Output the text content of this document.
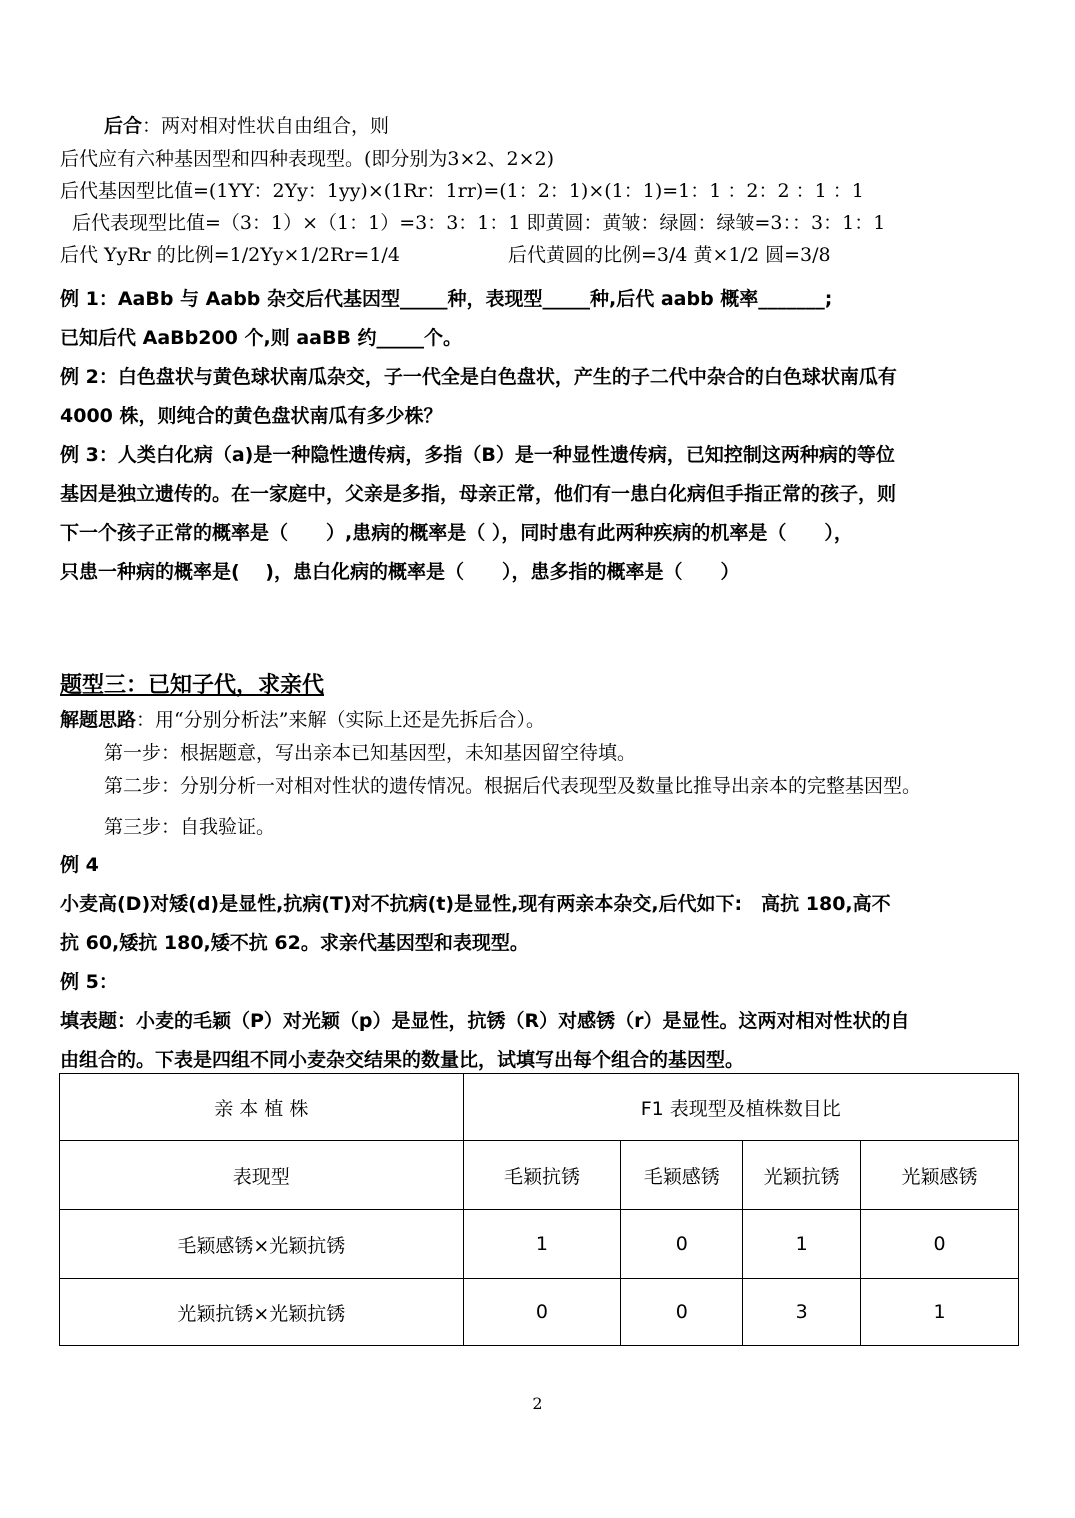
后合：两对相对性状自由组合，则
后代应有六种基因型和四种表现型。(即分别为3×2、2×2)
后代基因型比值=(1YY：2Yy：1yy)×(1Rr：1rr)=(1：2：1)×(1：1)=1：1 ：2：2 ：1 ：1
后代表现型比值=（3：1）×（1：1）=3：3：1：1 即黄圆：黄皱：绿圆：绿皱=3：：3：1：1
后代 YyRr 的比例=1/2Yy×1/2Rr=1/4	后代黄圆的比例=3/4 黄×1/2 圆=3/8
例 1：AaBb 与 Aabb 杂交后代基因型_____种，表现型_____种,后代 aabb 概率_______;
已知后代 AaBb200 个,则 aaBB 约_____个。
例 2：白色盘状与黄色球状南瓜杂交，子一代全是白色盘状，产生的子二代中杂合的白色球状南瓜有
4000 株，则纯合的黄色盘状南瓜有多少株？
例 3：人类白化病（a)是一种隐性遗传病，多指（B）是一种显性遗传病，已知控制这两种病的等位
基因是独立遗传的。在一家庭中，父亲是多指，母亲正常，他们有一患白化病但手指正常的孩子，则
下一个孩子正常的概率是（　　）,患病的概率是（ ），同时患有此两种疾病的机率是（　　），
只患一种病的概率是(　 )，患白化病的概率是（　　），患多指的概率是（　　）
题型三：已知子代，求亲代
解题思路：用“分别分析法”来解（实际上还是先拆后合）。
第一步：根据题意，写出亲本已知基因型，未知基因留空待填。
第二步：分别分析一对相对性状的遗传情况。根据后代表现型及数量比推导出亲本的完整基因型。
第三步：自我验证。
例 4
小麦高(D)对矮(d)是显性,抗病(T)对不抗病(t)是显性,现有两亲本杂交,后代如下:　高抗 180,高不
抗 60,矮抗 180,矮不抗 62。求亲代基因型和表现型。
例 5：
填表题：小麦的毛颖（P）对光颖（p）是显性，抗锈（R）对感锈（r）是显性。这两对相对性状的自
由组合的。下表是四组不同小麦杂交结果的数量比，试填写出每个组合的基因型。
亲 本 植 株	F1 表现型及植株数目比			
表现型	毛颖抗锈	毛颖感锈	光颖抗锈	光颖感锈
毛颖感锈×光颖抗锈	1	0	1	0
光颖抗锈×光颖抗锈	0	0	3	1
2
